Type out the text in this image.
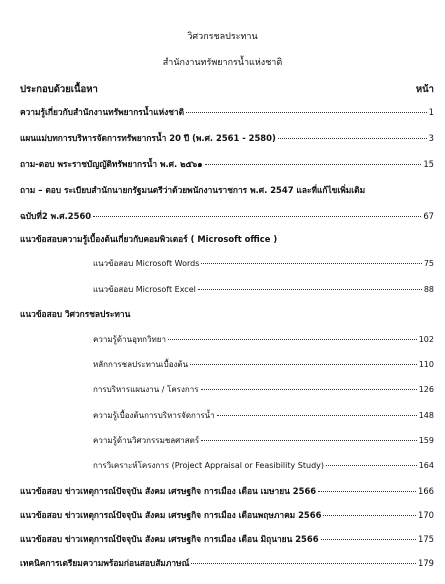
วิศวกรชลประทาน
สำนักงานทรัพยากรน้ำแห่งชาติ
ประกอบด้วยเนื้อหา	หน้า
ความรู้เกี่ยวกับสำนักงานทรัพยากรน้ำแห่งชาติ	1
แผนแม่บทการบริหารจัดการทรัพยากรน้ำ 20 ปี (พ.ศ. 2561 - 2580)	3
ถาม-ตอบ พระราชบัญญัติทรัพยากรน้ำ พ.ศ. ๒๕๖๑	15
ถาม – ตอบ ระเบียบสำนักนายกรัฐมนตรีว่าด้วยพนักงานราชการ พ.ศ. 2547 และที่แก้ไขเพิ่มเติม
ฉบับที่2 พ.ศ.2560	67
แนวข้อสอบความรู้เบื้องต้นเกี่ยวกับคอมพิวเตอร์ ( Microsoft office )
แนวข้อสอบ Microsoft Words	75
แนวข้อสอบ Microsoft Excel	88
แนวข้อสอบ วิศวกรชลประทาน
ความรู้ด้านอุทกวิทยา	102
หลักการชลประทานเบื้องต้น	110
การบริหารแผนงาน / โครงการ	126
ความรู้เบื้องต้นการบริหารจัดการน้ำ	148
ความรู้ด้านวิศวกรรมชลศาสตร์	159
การวิเคราะห์โครงการ (Project Appraisal or Feasibility Study)	164
แนวข้อสอบ ข่าวเหตุการณ์ปัจจุบัน สังคม เศรษฐกิจ การเมือง เดือน เมษายน 2566	166
แนวข้อสอบ ข่าวเหตุการณ์ปัจจุบัน สังคม เศรษฐกิจ การเมือง เดือนพฤษภาคม 2566	170
แนวข้อสอบ ข่าวเหตุการณ์ปัจจุบัน สังคม เศรษฐกิจ การเมือง เดือน มิถุนายน 2566	175
เทคนิคการเตรียมความพร้อมก่อนสอบสัมภาษณ์	179
